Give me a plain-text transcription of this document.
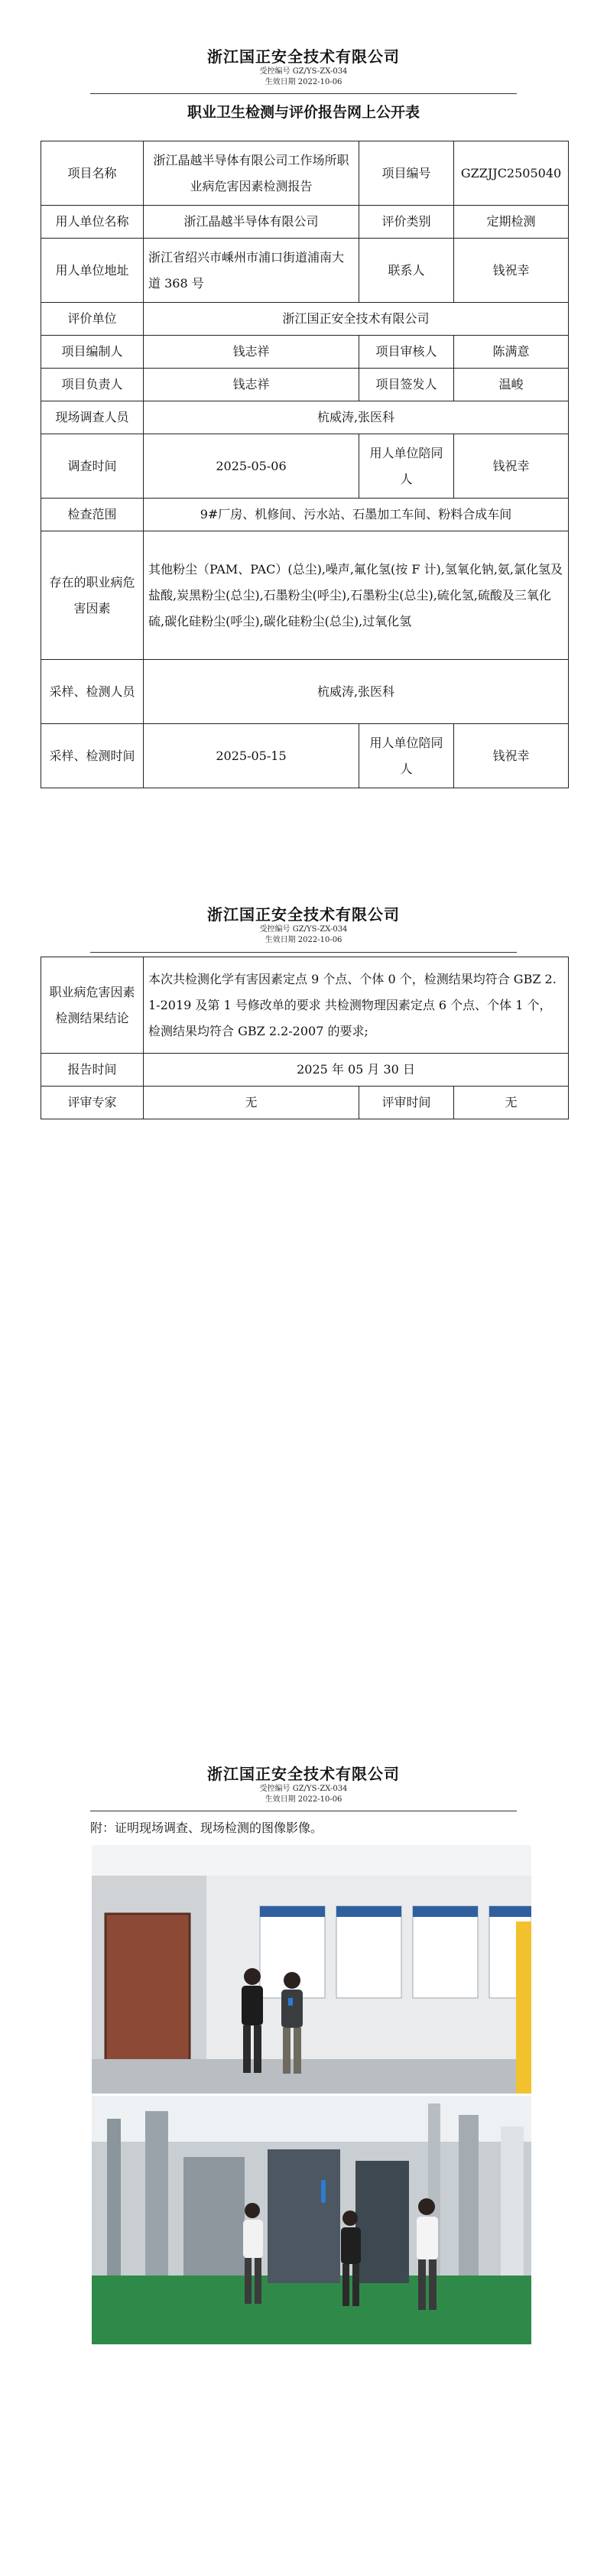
浙江国正安全技术有限公司
受控编号 GZ/YS-ZX-034
生效日期 2022-10-06
职业卫生检测与评价报告网上公开表
项目名称	浙江晶越半导体有限公司工作场所职业病危害因素检测报告	项目编号	GZZJJC2505040
用人单位名称	浙江晶越半导体有限公司	评价类别	定期检测
用人单位地址	浙江省绍兴市嵊州市浦口街道浦南大道 368 号	联系人	钱祝幸
评价单位	浙江国正安全技术有限公司		
项目编制人	钱志祥	项目审核人	陈满意
项目负责人	钱志祥	项目签发人	温峻
现场调查人员	杭威涛,张医科		
调查时间	2025-05-06	用人单位陪同人	钱祝幸
检查范围	9#厂房、机修间、污水站、石墨加工车间、粉料合成车间		
存在的职业病危害因素	其他粉尘（PAM、PAC）(总尘),噪声,氟化氢(按 F 计),氢氧化钠,氨,氯化氢及盐酸,炭黑粉尘(总尘),石墨粉尘(呼尘),石墨粉尘(总尘),硫化氢,硫酸及三氧化硫,碳化硅粉尘(呼尘),碳化硅粉尘(总尘),过氧化氢		
采样、检测人员	杭威涛,张医科		
采样、检测时间	2025-05-15	用人单位陪同人	钱祝幸
浙江国正安全技术有限公司
受控编号 GZ/YS-ZX-034
生效日期 2022-10-06
职业病危害因素检测结果结论	本次共检测化学有害因素定点 9 个点、个体 0 个，检测结果均符合 GBZ 2.1-2019 及第 1 号修改单的要求 共检测物理因素定点 6 个点、个体 1 个，检测结果均符合 GBZ 2.2-2007 的要求;		
报告时间	2025 年 05 月 30 日		
评审专家	无	评审时间	无
浙江国正安全技术有限公司
受控编号 GZ/YS-ZX-034
生效日期 2022-10-06
附：证明现场调查、现场检测的图像影像。
